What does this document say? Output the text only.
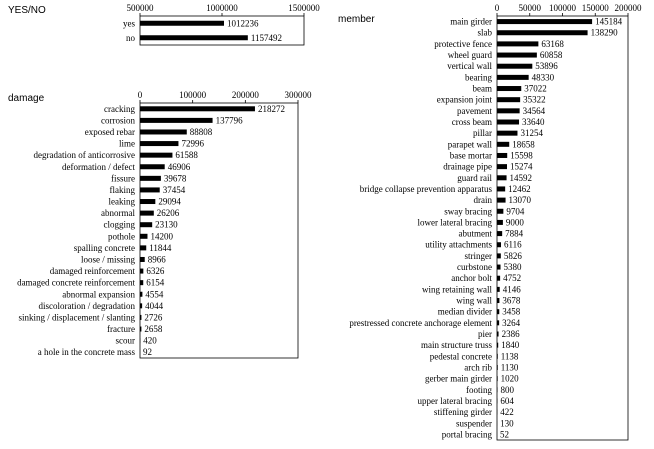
YES/NO	500000	1000000	1500000
yes	1012236
no	1157492
damage	0	100000	200000	300000
cracking	218272
corrosion	137796
exposed rebar	88808
lime	72996
degradation of anticorrosive	61588
deformation / defect	46906
fissure	39678
flaking	37454
leaking	29094
abnormal 26206
clogging 23130
pothole 14200
spalling concrete 11844
loose / missing 8966
damaged reinforcement 6326
damaged concrete reinforcement 6154
abnormal expansion 4554
discoloration / degradation 4044
sinking / displacement / slanting 2726
fracture 2658
scour 420
a hole in the concrete mass 92
member
0 50000 100000 150000 200000
main girder	145184
slab	138290
protective fence	63168
wheel guard	60858
vertical wall	53896
bearing	48330
beam	37022
expansion joint	35322
pavement	34564
cross beam	33640
pillar	31254
parapet wall 18658
base mortar 15598
drainage pipe 15274
guard rail 14592
bridge collapse prevention apparatus 12462
drain 13070
sway bracing 9704
lower lateral bracing 9000
abutment 7884
utility attachments 6116
stringer 5826
curbstone 5380
anchor bolt 4752
wing retaining wall 4146
wing wall 3678
median divider 3458
prestressed concrete anchorage element 3264
pier 2386
main structure truss 1840
pedestal concrete 1138
arch rib 1130
gerber main girder 1020
footing 800
upper lateral bracing 604
stiffening girder 422
suspender 130
portal bracing 52
